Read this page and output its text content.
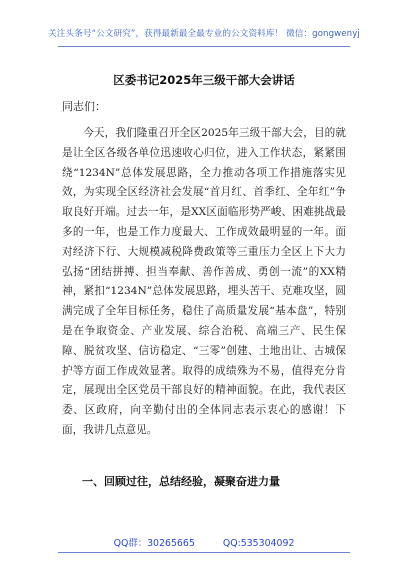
关注头条号“公文研究”，获得最新最全最专业的公文资料库！ 微信：gongwenyj
区委书记2025年三级干部大会讲话
同志们：

今天，我们隆重召开全区2025年三级干部大会，目的就是让全区各级各单位迅速收心归位，进入工作状态，紧紧围绕“1234N”总体发展思路，全力推动各项工作措施落实见效，为实现全区经济社会发展“首月红、首季红、全年红”争取良好开端。过去一年，是XX区面临形势严峻、困难挑战最多的一年，也是工作力度最大、工作成效最明显的一年。面对经济下行、大规模减税降费政策等三重压力全区上下大力弘扬“团结拼搏、担当奉献、善作善成、勇创一流”的XX精神，紧扣“1234N”总体发展思路，埋头苦干、克难攻坚，圆满完成了全年目标任务，稳住了高质量发展“基本盘”，特别是在争取资金、产业发展、综合治税、高端三产、民生保障、脱贫攻坚、信访稳定、“三零”创建、土地出让、古城保护等方面工作成效显著。取得的成绩殊为不易，值得充分肯定，展现出全区党员干部良好的精神面貌。在此，我代表区委、区政府，向辛勤付出的全体同志表示衷心的感谢！下面，我讲几点意见。

一、回顾过往，总结经验，凝聚奋进力量
QQ群：30265665	QQ:535304092
